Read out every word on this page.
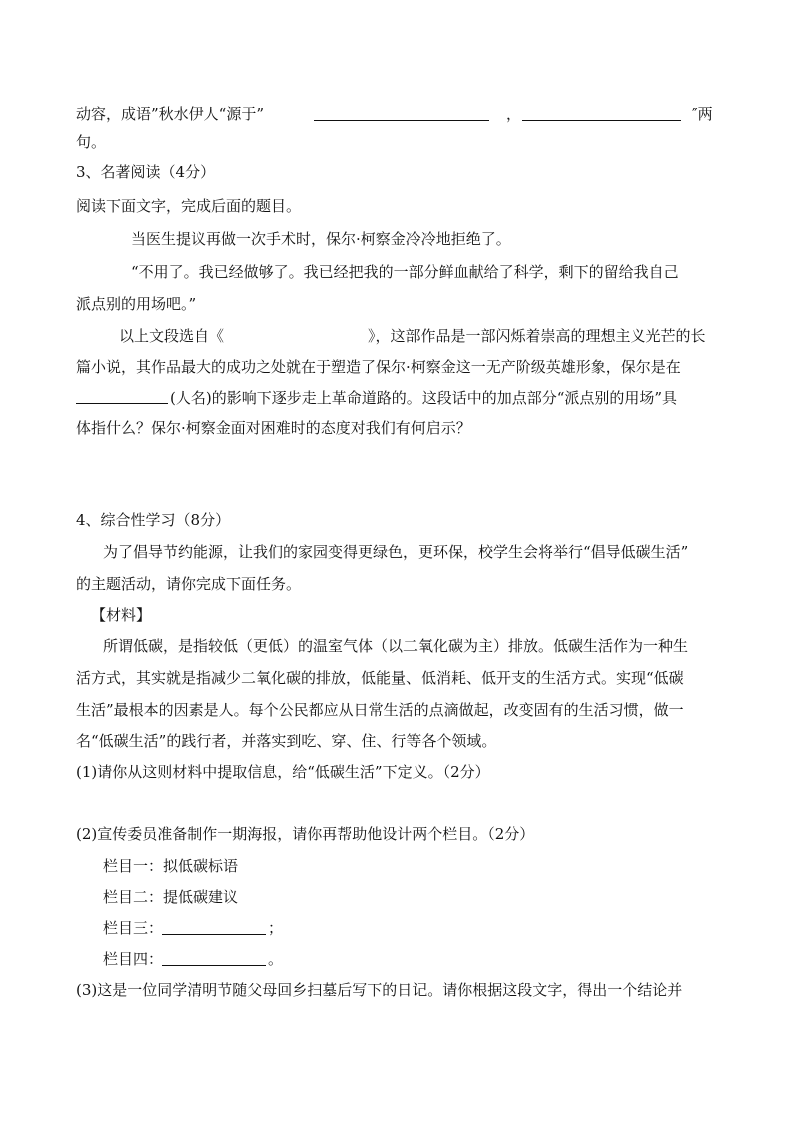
动容，成语”秋水伊人“源于”	，	″两
句。
3、名著阅读（4分）
阅读下面文字，完成后面的题目。
当医生提议再做一次手术时，保尔·柯察金冷冷地拒绝了。
“不用了。我已经做够了。我已经把我的一部分鲜血献给了科学，剩下的留给我自己
派点别的用场吧。”
以上文段选自《	》，这部作品是一部闪烁着崇高的理想主义光芒的长
篇小说，其作品最大的成功之处就在于塑造了保尔·柯察金这一无产阶级英雄形象，保尔是在
(人名)的影响下逐步走上革命道路的。这段话中的加点部分“派点别的用场”具
体指什么？保尔·柯察金面对困难时的态度对我们有何启示？
4、综合性学习（8分）
为了倡导节约能源，让我们的家园变得更绿色，更环保，校学生会将举行“倡导低碳生活”
的主题活动，请你完成下面任务。
【材料】
所谓低碳，是指较低（更低）的温室气体（以二氧化碳为主）排放。低碳生活作为一种生
活方式，其实就是指减少二氧化碳的排放，低能量、低消耗、低开支的生活方式。实现“低碳
生活”最根本的因素是人。每个公民都应从日常生活的点滴做起，改变固有的生活习惯，做一
名“低碳生活”的践行者，并落实到吃、穿、住、行等各个领域。
(1)请你从这则材料中提取信息，给“低碳生活”下定义。（2分）
(2)宣传委员准备制作一期海报，请你再帮助他设计两个栏目。（2分）
栏目一：拟低碳标语
栏目二：提低碳建议
栏目三：	；
栏目四：	。
(3)这是一位同学清明节随父母回乡扫墓后写下的日记。请你根据这段文字，得出一个结论并
